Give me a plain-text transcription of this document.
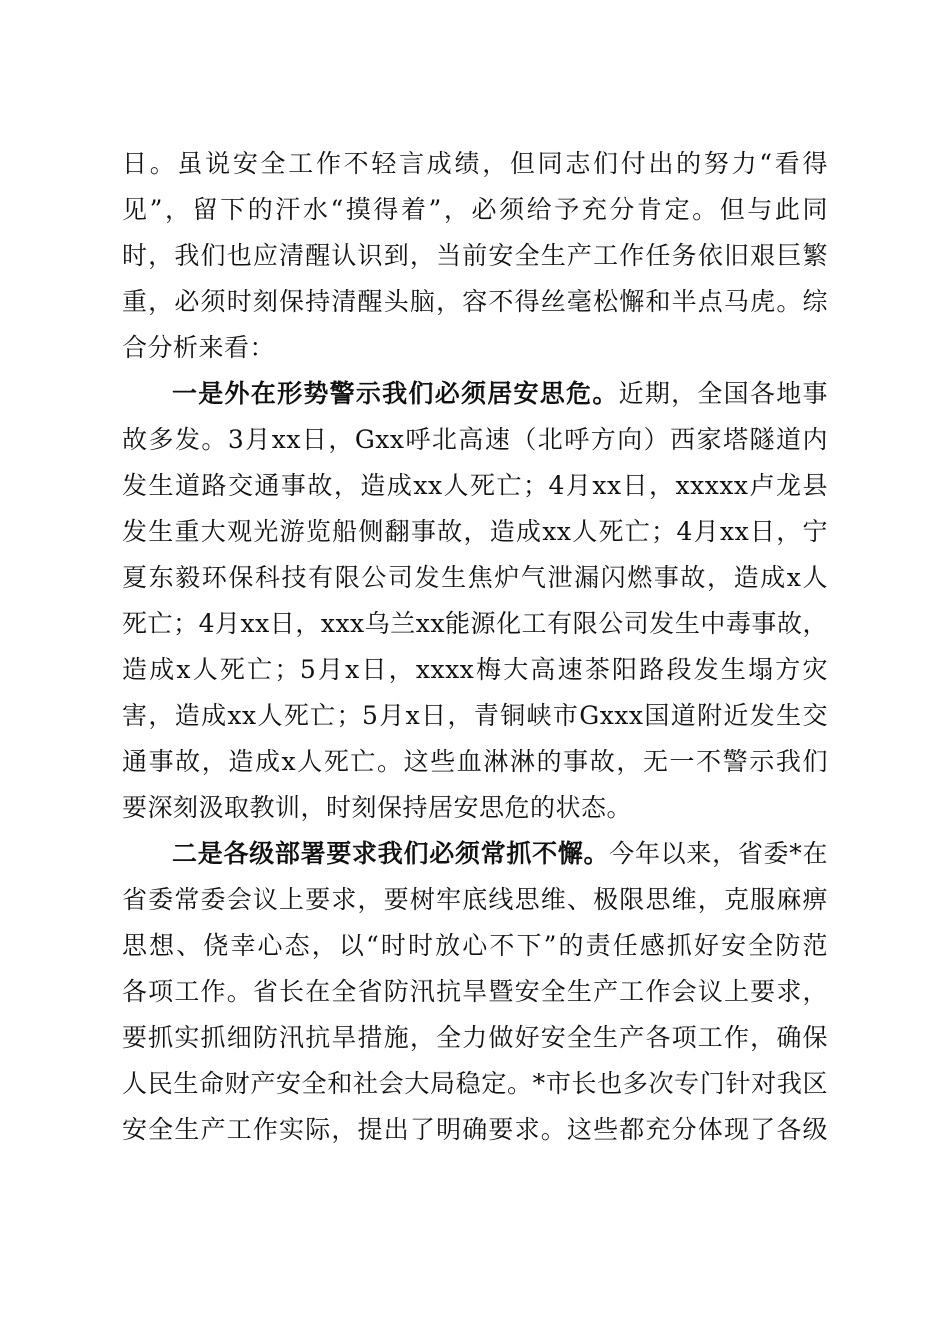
日。虽说安全工作不轻言成绩，但同志们付出的努力“看得
见”，留下的汗水“摸得着”，必须给予充分肯定。但与此同
时，我们也应清醒认识到，当前安全生产工作任务依旧艰巨繁
重，必须时刻保持清醒头脑，容不得丝毫松懈和半点马虎。综
合分析来看：
一是外在形势警示我们必须居安思危。近期，全国各地事
故多发。3月xx日，Gxx呼北高速（北呼方向）西家塔隧道内
发生道路交通事故，造成xx人死亡；4月xx日，xxxxx卢龙县
发生重大观光游览船侧翻事故，造成xx人死亡；4月xx日，宁
夏东毅环保科技有限公司发生焦炉气泄漏闪燃事故，造成x人
死亡；4月xx日，xxx乌兰xx能源化工有限公司发生中毒事故，
造成x人死亡；5月x日，xxxx梅大高速茶阳路段发生塌方灾
害，造成xx人死亡；5月x日，青铜峡市Gxxx国道附近发生交
通事故，造成x人死亡。这些血淋淋的事故，无一不警示我们
要深刻汲取教训，时刻保持居安思危的状态。
二是各级部署要求我们必须常抓不懈。今年以来，省委*在
省委常委会议上要求，要树牢底线思维、极限思维，克服麻痹
思想、侥幸心态，以“时时放心不下”的责任感抓好安全防范
各项工作。省长在全省防汛抗旱暨安全生产工作会议上要求，
要抓实抓细防汛抗旱措施，全力做好安全生产各项工作，确保
人民生命财产安全和社会大局稳定。*市长也多次专门针对我区
安全生产工作实际，提出了明确要求。这些都充分体现了各级
